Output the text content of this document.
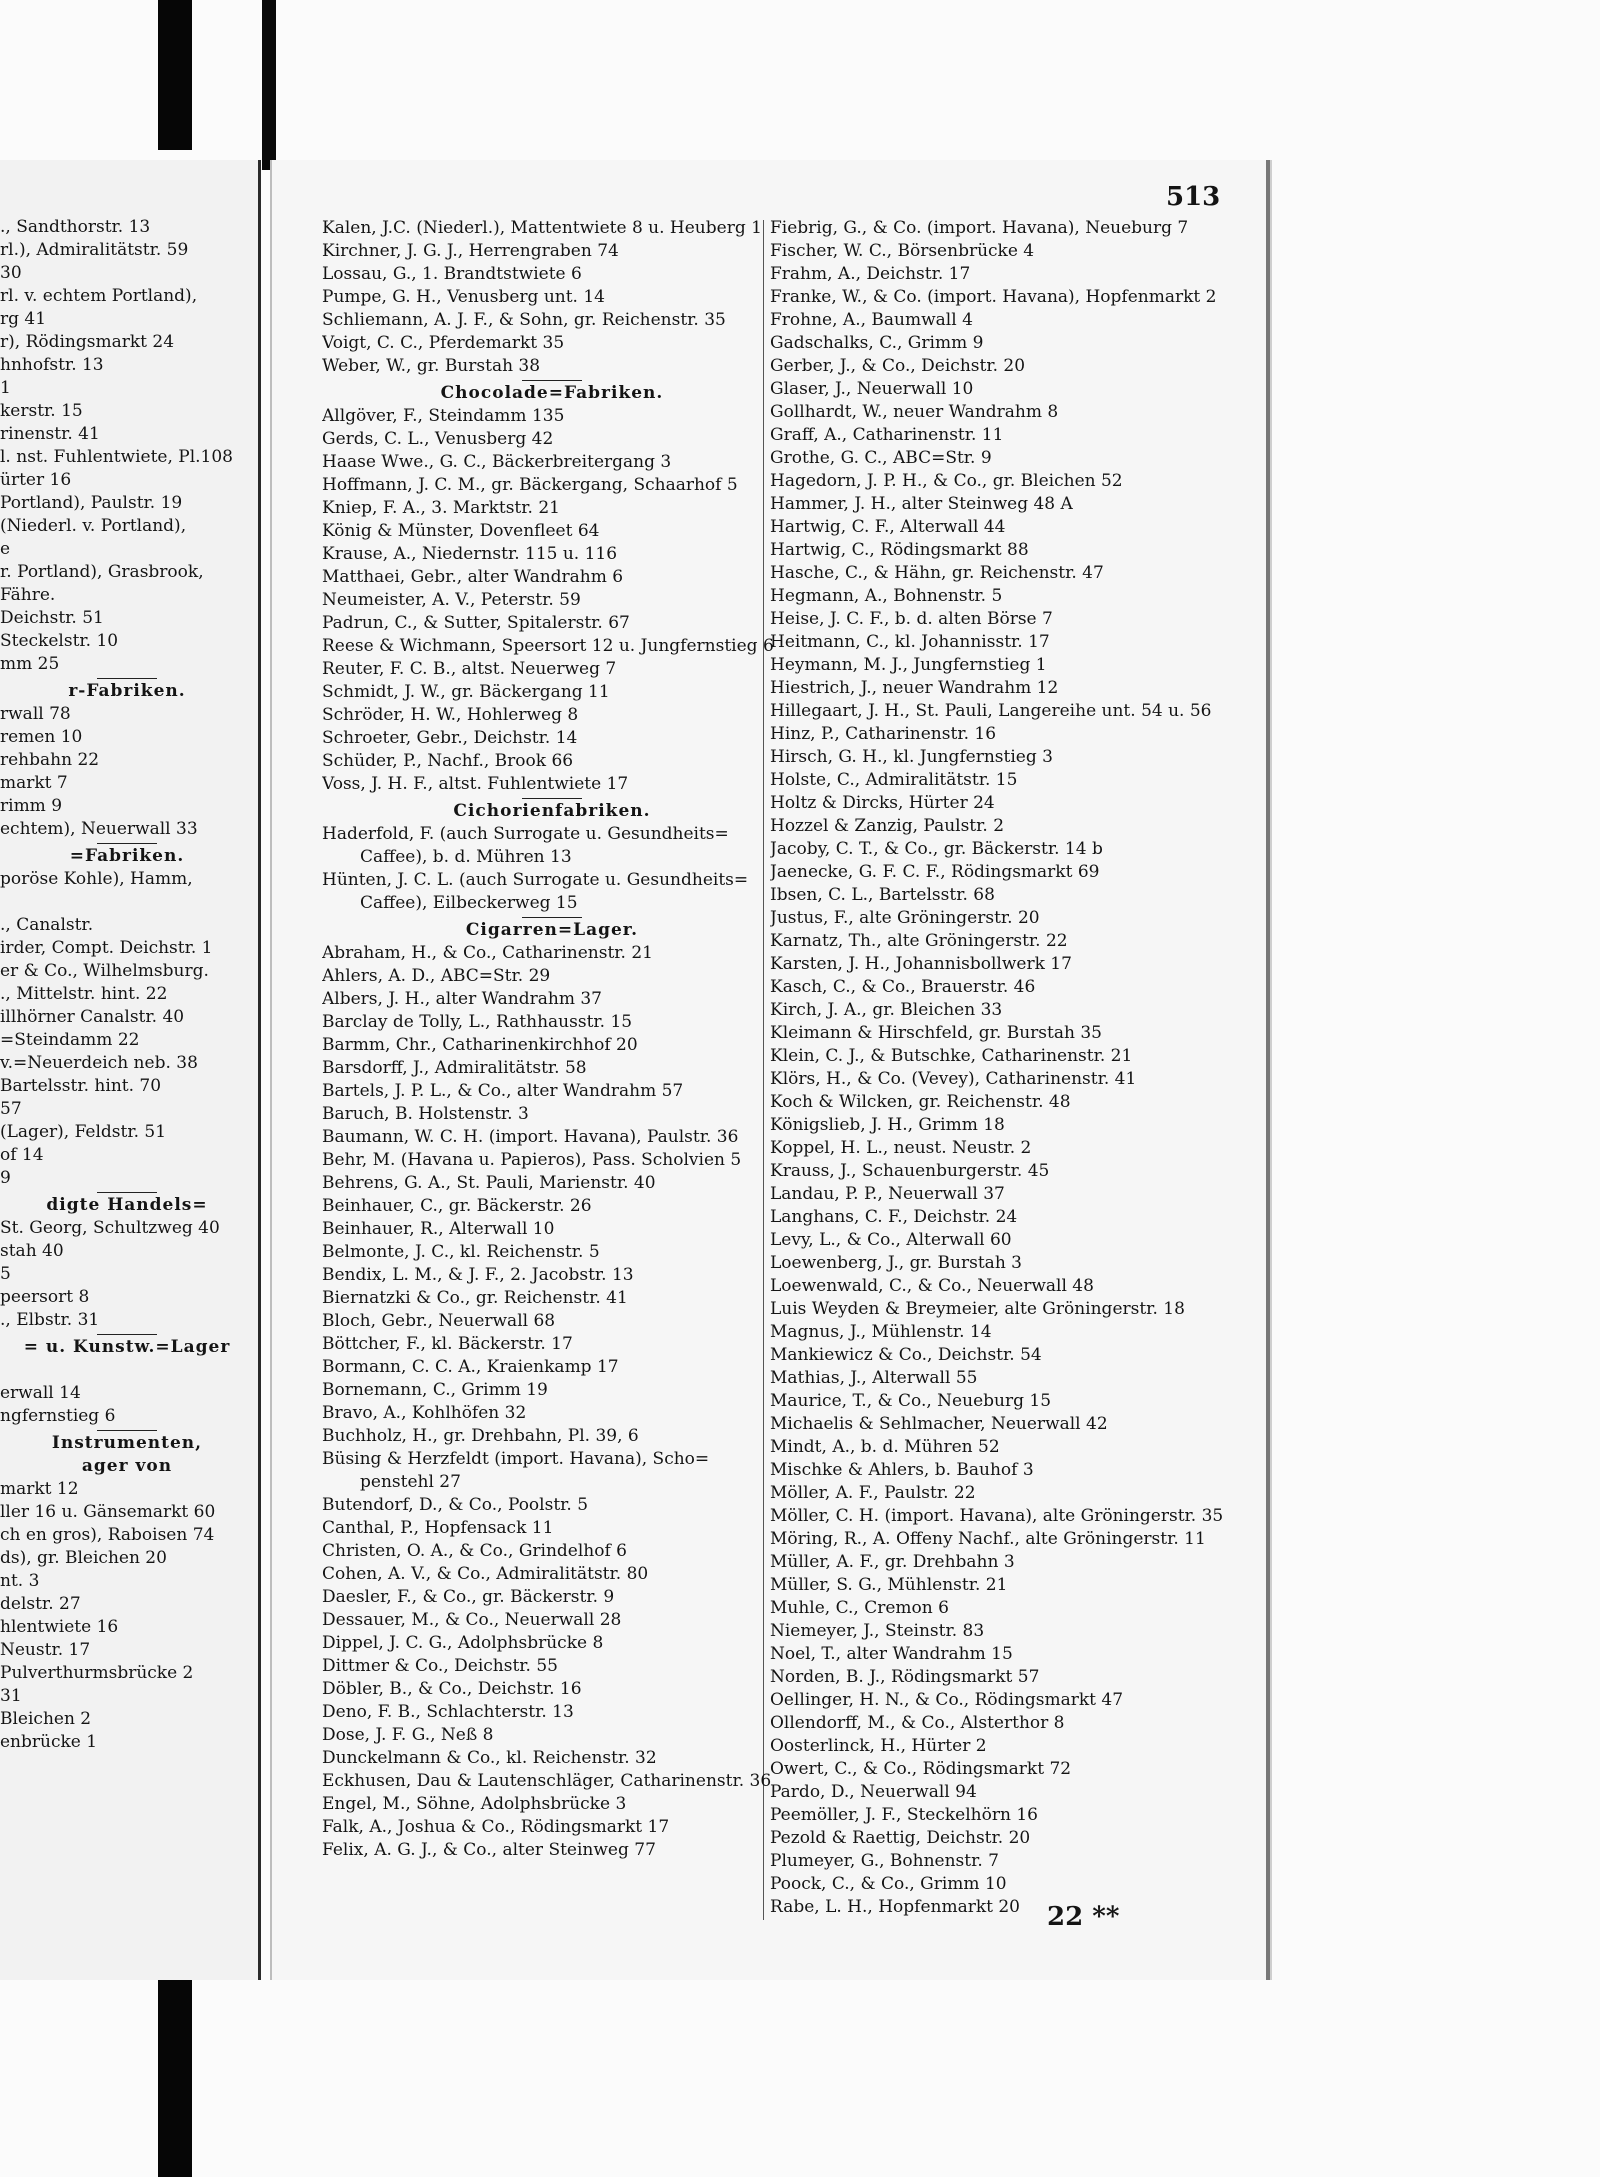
., Sandthorstr. 13
rl.), Admiralitätstr. 59
30
rl. v. echtem Portland),
rg 41
r), Rödingsmarkt 24
hnhofstr. 13
1
kerstr. 15
rinenstr. 41
l. nst. Fuhlentwiete, Pl.108
ürter 16
Portland), Paulstr. 19
(Niederl. v. Portland),
e
r. Portland), Grasbrook,
Fähre.
Deichstr. 51
Steckelstr. 10
mm 25
r-Fabriken.
rwall 78
remen 10
rehbahn 22
markt 7
rimm 9
echtem), Neuerwall 33
=Fabriken.
poröse Kohle), Hamm,
., Canalstr.
irder, Compt. Deichstr. 1
er & Co., Wilhelmsburg.
., Mittelstr. hint. 22
illhörner Canalstr. 40
=Steindamm 22
v.=Neuerdeich neb. 38
Bartelsstr. hint. 70
57
(Lager), Feldstr. 51
of 14
9
digte Handels=
St. Georg, Schultzweg 40
stah 40
5
peersort 8
., Elbstr. 31
= u. Kunstw.=Lager
erwall 14
ngfernstieg 6
Instrumenten,
ager von
markt 12
ller 16 u. Gänsemarkt 60
ch en gros), Raboisen 74
ds), gr. Bleichen 20
nt. 3
delstr. 27
hlentwiete 16
Neustr. 17
Pulverthurmsbrücke 2
31
Bleichen 2
enbrücke 1
513
Kalen, J.C. (Niederl.), Mattentwiete 8 u. Heuberg 1
Kirchner, J. G. J., Herrengraben 74
Lossau, G., 1. Brandtstwiete 6
Pumpe, G. H., Venusberg unt. 14
Schliemann, A. J. F., & Sohn, gr. Reichenstr. 35
Voigt, C. C., Pferdemarkt 35
Weber, W., gr. Burstah 38
Chocolade=Fabriken.
Allgöver, F., Steindamm 135
Gerds, C. L., Venusberg 42
Haase Wwe., G. C., Bäckerbreitergang 3
Hoffmann, J. C. M., gr. Bäckergang, Schaarhof 5
Kniep, F. A., 3. Marktstr. 21
König & Münster, Dovenfleet 64
Krause, A., Niedernstr. 115 u. 116
Matthaei, Gebr., alter Wandrahm 6
Neumeister, A. V., Peterstr. 59
Padrun, C., & Sutter, Spitalerstr. 67
Reese & Wichmann, Speersort 12 u. Jungfernstieg 6
Reuter, F. C. B., altst. Neuerweg 7
Schmidt, J. W., gr. Bäckergang 11
Schröder, H. W., Hohlerweg 8
Schroeter, Gebr., Deichstr. 14
Schüder, P., Nachf., Brook 66
Voss, J. H. F., altst. Fuhlentwiete 17
Cichorienfabriken.
Haderfold, F. (auch Surrogate u. Gesundheits=
Caffee), b. d. Mühren 13
Hünten, J. C. L. (auch Surrogate u. Gesundheits=
Caffee), Eilbeckerweg 15
Cigarren=Lager.
Abraham, H., & Co., Catharinenstr. 21
Ahlers, A. D., ABC=Str. 29
Albers, J. H., alter Wandrahm 37
Barclay de Tolly, L., Rathhausstr. 15
Barmm, Chr., Catharinenkirchhof 20
Barsdorff, J., Admiralitätstr. 58
Bartels, J. P. L., & Co., alter Wandrahm 57
Baruch, B. Holstenstr. 3
Baumann, W. C. H. (import. Havana), Paulstr. 36
Behr, M. (Havana u. Papieros), Pass. Scholvien 5
Behrens, G. A., St. Pauli, Marienstr. 40
Beinhauer, C., gr. Bäckerstr. 26
Beinhauer, R., Alterwall 10
Belmonte, J. C., kl. Reichenstr. 5
Bendix, L. M., & J. F., 2. Jacobstr. 13
Biernatzki & Co., gr. Reichenstr. 41
Bloch, Gebr., Neuerwall 68
Böttcher, F., kl. Bäckerstr. 17
Bormann, C. C. A., Kraienkamp 17
Bornemann, C., Grimm 19
Bravo, A., Kohlhöfen 32
Buchholz, H., gr. Drehbahn, Pl. 39, 6
Büsing & Herzfeldt (import. Havana), Scho=
penstehl 27
Butendorf, D., & Co., Poolstr. 5
Canthal, P., Hopfensack 11
Christen, O. A., & Co., Grindelhof 6
Cohen, A. V., & Co., Admiralitätstr. 80
Daesler, F., & Co., gr. Bäckerstr. 9
Dessauer, M., & Co., Neuerwall 28
Dippel, J. C. G., Adolphsbrücke 8
Dittmer & Co., Deichstr. 55
Döbler, B., & Co., Deichstr. 16
Deno, F. B., Schlachterstr. 13
Dose, J. F. G., Neß 8
Dunckelmann & Co., kl. Reichenstr. 32
Eckhusen, Dau & Lautenschläger, Catharinenstr. 36
Engel, M., Söhne, Adolphsbrücke 3
Falk, A., Joshua & Co., Rödingsmarkt 17
Felix, A. G. J., & Co., alter Steinweg 77
Fiebrig, G., & Co. (import. Havana), Neueburg 7
Fischer, W. C., Börsenbrücke 4
Frahm, A., Deichstr. 17
Franke, W., & Co. (import. Havana), Hopfenmarkt 2
Frohne, A., Baumwall 4
Gadschalks, C., Grimm 9
Gerber, J., & Co., Deichstr. 20
Glaser, J., Neuerwall 10
Gollhardt, W., neuer Wandrahm 8
Graff, A., Catharinenstr. 11
Grothe, G. C., ABC=Str. 9
Hagedorn, J. P. H., & Co., gr. Bleichen 52
Hammer, J. H., alter Steinweg 48 A
Hartwig, C. F., Alterwall 44
Hartwig, C., Rödingsmarkt 88
Hasche, C., & Hähn, gr. Reichenstr. 47
Hegmann, A., Bohnenstr. 5
Heise, J. C. F., b. d. alten Börse 7
Heitmann, C., kl. Johannisstr. 17
Heymann, M. J., Jungfernstieg 1
Hiestrich, J., neuer Wandrahm 12
Hillegaart, J. H., St. Pauli, Langereihe unt. 54 u. 56
Hinz, P., Catharinenstr. 16
Hirsch, G. H., kl. Jungfernstieg 3
Holste, C., Admiralitätstr. 15
Holtz & Dircks, Hürter 24
Hozzel & Zanzig, Paulstr. 2
Jacoby, C. T., & Co., gr. Bäckerstr. 14 b
Jaenecke, G. F. C. F., Rödingsmarkt 69
Ibsen, C. L., Bartelsstr. 68
Justus, F., alte Gröningerstr. 20
Karnatz, Th., alte Gröningerstr. 22
Karsten, J. H., Johannisbollwerk 17
Kasch, C., & Co., Brauerstr. 46
Kirch, J. A., gr. Bleichen 33
Kleimann & Hirschfeld, gr. Burstah 35
Klein, C. J., & Butschke, Catharinenstr. 21
Klörs, H., & Co. (Vevey), Catharinenstr. 41
Koch & Wilcken, gr. Reichenstr. 48
Königslieb, J. H., Grimm 18
Koppel, H. L., neust. Neustr. 2
Krauss, J., Schauenburgerstr. 45
Landau, P. P., Neuerwall 37
Langhans, C. F., Deichstr. 24
Levy, L., & Co., Alterwall 60
Loewenberg, J., gr. Burstah 3
Loewenwald, C., & Co., Neuerwall 48
Luis Weyden & Breymeier, alte Gröningerstr. 18
Magnus, J., Mühlenstr. 14
Mankiewicz & Co., Deichstr. 54
Mathias, J., Alterwall 55
Maurice, T., & Co., Neueburg 15
Michaelis & Sehlmacher, Neuerwall 42
Mindt, A., b. d. Mühren 52
Mischke & Ahlers, b. Bauhof 3
Möller, A. F., Paulstr. 22
Möller, C. H. (import. Havana), alte Gröningerstr. 35
Möring, R., A. Offeny Nachf., alte Gröningerstr. 11
Müller, A. F., gr. Drehbahn 3
Müller, S. G., Mühlenstr. 21
Muhle, C., Cremon 6
Niemeyer, J., Steinstr. 83
Noel, T., alter Wandrahm 15
Norden, B. J., Rödingsmarkt 57
Oellinger, H. N., & Co., Rödingsmarkt 47
Ollendorff, M., & Co., Alsterthor 8
Oosterlinck, H., Hürter 2
Owert, C., & Co., Rödingsmarkt 72
Pardo, D., Neuerwall 94
Peemöller, J. F., Steckelhörn 16
Pezold & Raettig, Deichstr. 20
Plumeyer, G., Bohnenstr. 7
Poock, C., & Co., Grimm 10
Rabe, L. H., Hopfenmarkt 20	22 **
